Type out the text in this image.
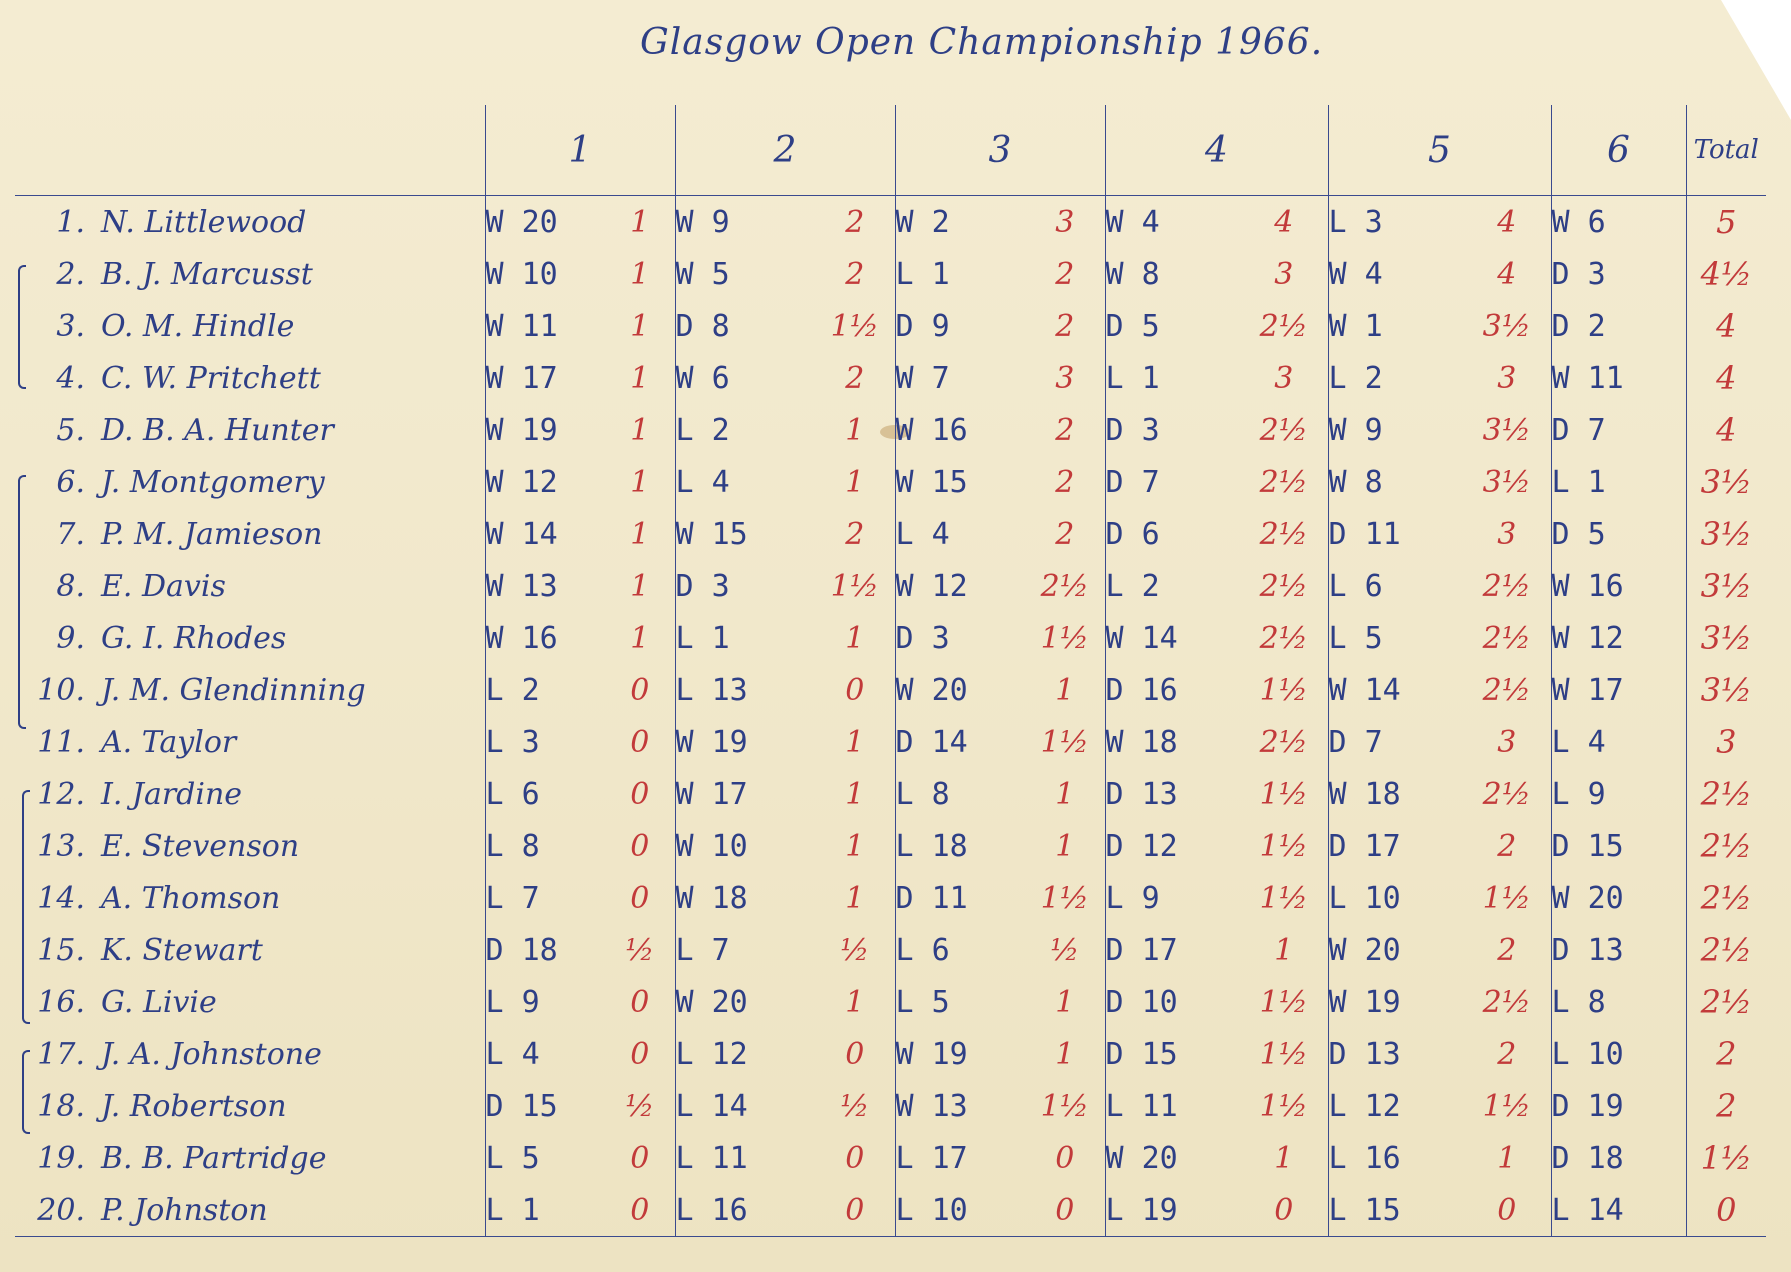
Glasgow Open Championship 1966.
	1		2		3		4		5		6		Total
1. N. Littlewood	W 20	1	W 9	2	W 2	3	W 4	4	L 3	4	W 6		5
2. B. J. Marcusst	W 10	1	W 5	2	L 1	2	W 8	3	W 4	4	D 3		4½
3. O. M. Hindle	W 11	1	D 8	1½	D 9	2	D 5	2½	W 1	3½	D 2		4
4. C. W. Pritchett	W 17	1	W 6	2	W 7	3	L 1	3	L 2	3	W 11		4
5. D. B. A. Hunter	W 19	1	L 2	1	W 16	2	D 3	2½	W 9	3½	D 7		4
6. J. Montgomery	W 12	1	L 4	1	W 15	2	D 7	2½	W 8	3½	L 1		3½
7. P. M. Jamieson	W 14	1	W 15	2	L 4	2	D 6	2½	D 11	3	D 5		3½
8. E. Davis	W 13	1	D 3	1½	W 12	2½	L 2	2½	L 6	2½	W 16		3½
9. G. I. Rhodes	W 16	1	L 1	1	D 3	1½	W 14	2½	L 5	2½	W 12		3½
10. J. M. Glendinning	L 2	0	L 13	0	W 20	1	D 16	1½	W 14	2½	W 17		3½
11. A. Taylor	L 3	0	W 19	1	D 14	1½	W 18	2½	D 7	3	L 4		3
12. I. Jardine	L 6	0	W 17	1	L 8	1	D 13	1½	W 18	2½	L 9		2½
13. E. Stevenson	L 8	0	W 10	1	L 18	1	D 12	1½	D 17	2	D 15		2½
14. A. Thomson	L 7	0	W 18	1	D 11	1½	L 9	1½	L 10	1½	W 20		2½
15. K. Stewart	D 18	½	L 7	½	L 6	½	D 17	1	W 20	2	D 13		2½
16. G. Livie	L 9	0	W 20	1	L 5	1	D 10	1½	W 19	2½	L 8		2½
17. J. A. Johnstone	L 4	0	L 12	0	W 19	1	D 15	1½	D 13	2	L 10		2
18. J. Robertson	D 15	½	L 14	½	W 13	1½	L 11	1½	L 12	1½	D 19		2
19. B. B. Partridge	L 5	0	L 11	0	L 17	0	W 20	1	L 16	1	D 18		1½
20. P. Johnston	L 1	0	L 16	0	L 10	0	L 19	0	L 15	0	L 14		0
